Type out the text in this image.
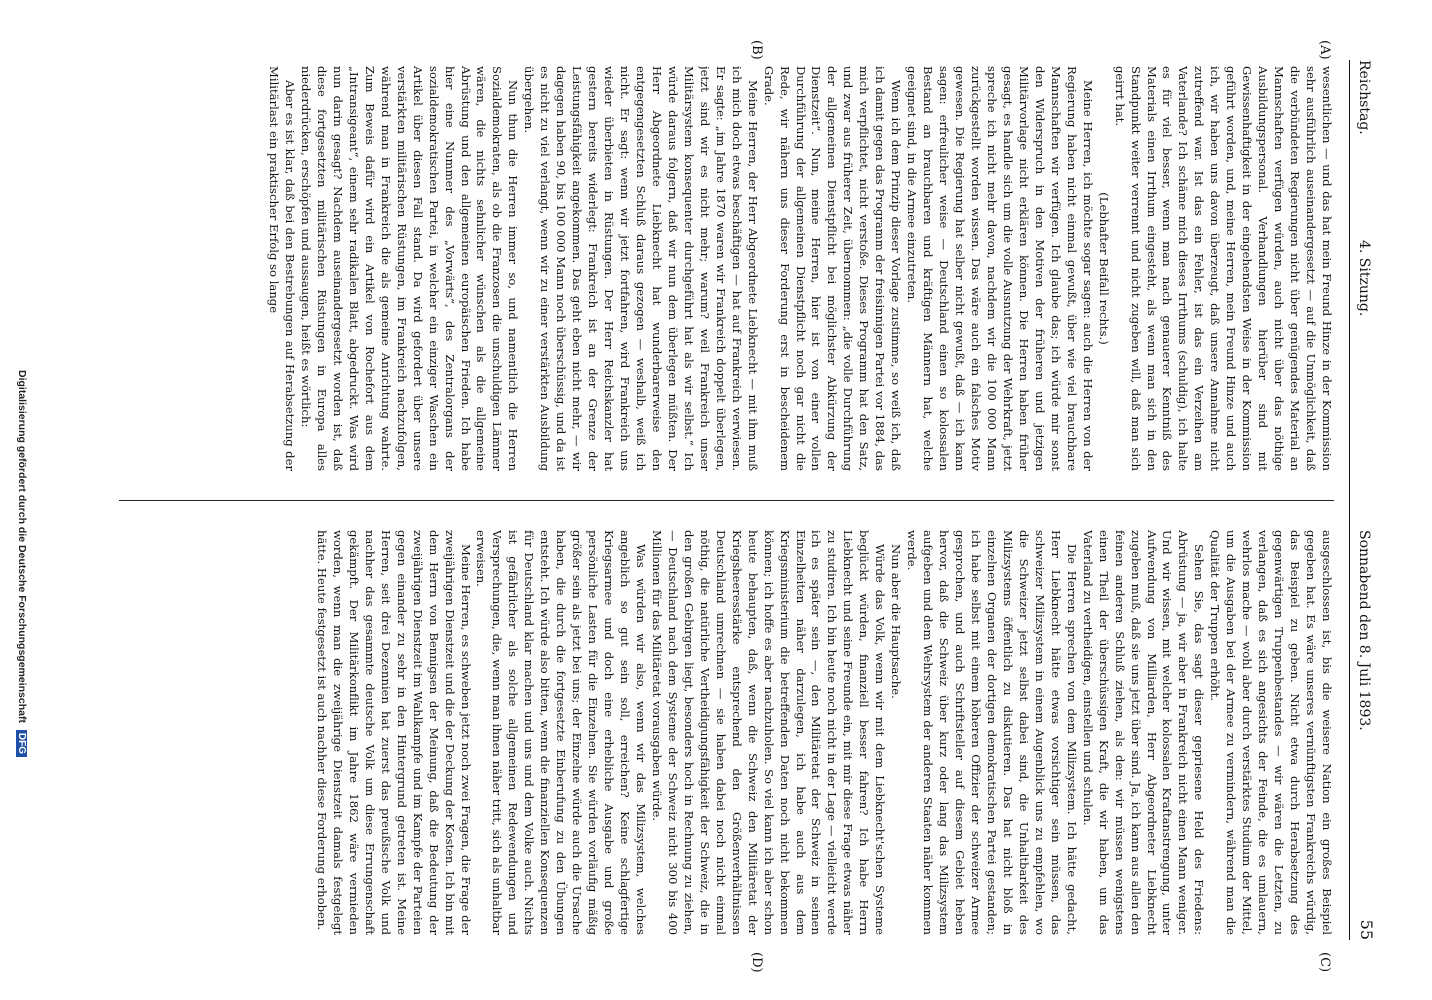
Reichstag.
4. Sitzung.
Sonnabend den 8. Juli 1893.
55
(A)
(B)
(C)
(D)

wesentlichen — und das hat mein Freund Hinze in der Kommission sehr ausführlich auseinandergesetzt — auf die Unmöglichkeit, daß die verbündeten Regierungen nicht über genügendes Material an Mannschaften verfügen würden, auch nicht über das nöthige Ausbildungspersonal. Verhandlungen hierüber sind mit Gewissenhaftigkeit in der eingehendsten Weise in der Kommission geführt worden, und, meine Herren, mein Freund Hinze und auch ich, wir haben uns davon überzeugt, daß unsere Annahme nicht zutreffend war. Ist das ein Fehler, ist das ein Verzeihen am Vaterlande? Ich schäme mich dieses Irrthums (schuldig), ich halte es für viel besser, wenn man nach genauerer Kenntniß des Materials einen Irrthum eingesteht, als wenn man sich in den Standpunkt weiter verrennt und nicht zugeben will, daß man sich geirrt hat.

(Lebhafter Beifall rechts.)

Meine Herren, ich möchte sogar sagen: auch die Herren von der Regierung haben nicht einmal gewußt, über wie viel brauchbare Mannschaften wir verfügen. Ich glaube das; ich würde mir sonst den Widerspruch in den Motiven der früheren und jetzigen Militärvorlage nicht erklären können. Die Herren haben früher gesagt, es handle sich um die volle Ausnutzung der Wehrkraft, jetzt spreche ich nicht mehr davon, nachdem wir die 100 000 Mann zurückgestellt worden wissen. Das wäre auch ein falsches Motiv gewesen. Die Regierung hat selber nicht gewußt, daß — ich kann sagen: erfreulicher weise — Deutschland einen so kolossalen Bestand an brauchbaren und kräftigen Männern hat, welche geeignet sind, in die Armee einzutreten.

Wenn ich dem Prinzip dieser Vorlage zustimme, so weiß ich, daß ich damit gegen das Programm der freisinnigen Partei vor 1884, das mich verpflichtet, nicht verstoße. Dieses Programm hat den Satz, und zwar aus früherer Zeit, übernommen: „die volle Durchführung der allgemeinen Dienstpflicht bei möglichster Abkürzung der Dienstzeit“. Nun, meine Herren, hier ist von einer vollen Durchführung der allgemeinen Dienstpflicht noch gar nicht die Rede, wir nähern uns dieser Forderung erst in bescheidenem Grade.

Meine Herren, der Herr Abgeordnete Liebknecht — mit ihm muß ich mich doch etwas beschäftigen — hat auf Frankreich verwiesen. Er sagte: „im Jahre 1870 waren wir Frankreich doppelt überlegen, jetzt sind wir es nicht mehr; warum? weil Frankreich unser Militärsystem konsequenter durchgeführt hat als wir selbst.“ Ich würde daraus folgern, daß wir nun dem überlegen müßten. Der Herr Abgeordnete Liebknecht hat wunderbarerweise den entgegengesetzten Schluß daraus gezogen — weshalb, weiß ich nicht. Er sagt: wenn wir jetzt fortfahren, wird Frankreich uns wieder überbieten in Rüstungen. Der Herr Reichskanzler hat gestern bereits widerlegt: Frankreich ist an der Grenze der Leistungsfähigkeit angekommen. Das geht eben nicht mehr, — wir dagegen haben 90, bis 100 000 Mann noch überschüssig, und da ist es nicht zu viel verlangt, wenn wir zu einer verstärkten Ausbildung übergehen.

Nun thun die Herren immer so, und namentlich die Herren Sozialdemokraten, als ob die Franzosen die unschuldigen Lämmer wären, die nichts sehnlicher wünschen als die allgemeine Abrüstung und den allgemeinen europäischen Frieden. Ich habe hier eine Nummer des „Vorwärts“, des Zentralorgans der sozialdemokratischen Partei, in welcher ein einziger Waschen ein Artikel über diesen Fall stand. Da wird gefordert über unsere verstärkten militärischen Rüstungen, im Frankreich nachzufolgen, während man in Frankreich die als gemeine Anrichtung wahrte. Zum Beweis dafür wird ein Artikel von Rochefort aus dem „Intransigeant“, einem sehr radikalen Blatt, abgedruckt. Was wird nun darin gesagt? Nachdem auseinandergesetzt worden ist, daß diese fortgesetzten militärischen Rüstungen in Europa alles niederdrücken, erschöpfen und aussaugen, heißt es wörtlich:

Aber es ist klar, daß bei den Bestrebungen auf Herabsetzung der Militärlast ein praktischer Erfolg so lange

ausgeschlossen ist, bis die weisere Nation ein großes Beispiel gegeben hat. Es wäre unseres vernünftigsten Frankreichs würdig, das Beispiel zu geben. Nicht etwa durch Herabsetzung des gegenwärtigen Truppenbestandes — wir wären die Letzten, zu verlangen, daß es sich angesichts der Feinde, die es umlauern, wehrlos mache — wohl aber durch verstärktes Studium der Mittel, um die Ausgaben bei der Armee zu vermindern, während man die Qualität der Truppen erhöht.

Sehen Sie, das sagt dieser gepriesene Held des Friedens: Abrüstung — ja, wir aber in Frankreich nicht einen Mann weniger. Und wir wissen, mit welcher kolossalen Kraftanstrengung, unter Aufwendung von Milliarden, Herr Abgeordneter Liebknecht zugeben muß, daß sie uns jetzt über sind. Ja, ich kann aus allen den feinen anderen Schluß ziehen, als den: wir müssen wenigstens einen Theil der überschüssigen Kraft, die wir haben, um das Vaterland zu vertheidigen, einstellen und schulen.

Die Herren sprechen von dem Milizsystem. Ich hätte gedacht, Herr Liebknecht hätte etwas vorsichtiger sein müssen, das schweizer Milizsystem in einem Augenblick uns zu empfehlen, wo die Schweizer jetzt selbst dabei sind, die Unhaltbarkeit des Milizsystems öffentlich zu diskutieren. Das hat nicht bloß in einzelnen Organen der dortigen demokratischen Partei gestanden; ich habe selbst mit einem höheren Offizier der schweizer Armee gesprochen, und auch Schriftsteller auf diesem Gebiet heben hervor, daß die Schweiz über kurz oder lang das Milizsystem aufgeben und dem Wehrsystem der anderen Staaten näher kommen werde.

Nun aber die Hauptsache.

Würde das Volk, wenn wir mit dem Liebknecht'schen Systeme beglückt würden, finanziell besser fahren? Ich habe Herrn Liebknecht und seine Freunde ein, mit mir diese Frage etwas näher zu studiren. Ich bin heute noch nicht in der Lage — vielleicht werde ich es später sein —, den Militäretat der Schweiz in seinen Einzelheiten näher darzulegen, ich habe auch aus dem Kriegsministerium die betreffenden Daten noch nicht bekommen können; ich hoffe es aber nachzuholen. So viel kann ich aber schon heute behaupten, daß, wenn die Schweiz den Militäretat der Kriegsheeresstärke entsprechend den Größenverhältnissen Deutschland umrechnen — sie haben dabei noch nicht einmal nöthig, die natürliche Vertheidigungsfähigkeit der Schweiz, die in den großen Gebirgen liegt, besonders hoch in Rechnung zu ziehen, — Deutschland nach dem Systeme der Schweiz nicht 300 bis 400 Millionen für das Militäretat vorausgaben würde.

Was würden wir also, wenn wir das Milizsystem, welches angeblich so gut sein soll, erreichen? Keine schlagfertige Kriegsarmee und doch eine erhebliche Ausgabe und große persönliche Lasten für die Einzelnen. Sie würden vorläufig mäßig größer sein als jetzt bei uns; der Einzelne würde auch die Ursache haben, die durch die fortgesetzte Einberufung zu den Übungen entsteht. Ich würde also bitten, wenn die finanziellen Konsequenzen für Deutschland klar machen und uns und dem Volke auch. Nichts ist gefährlicher als solche allgemeinen Redewendungen und Versprechungen, die, wenn man ihnen näher tritt, sich als unhaltbar erweisen.

Meine Herren, es schweben jetzt noch zwei Fragen, die Frage der zweijährigen Dienstzeit und die der Deckung der Kosten. Ich bin mit dem Herrn von Bennigsen der Meinung, daß die Bedeutung der zweijährigen Dienstzeit im Wahlkampfe und im Kampfe der Parteien gegen einander zu sehr in den Hintergrund getreten ist. Meine Herren, seit drei Dezennien hat zuerst das preußische Volk und nachher das gesammte deutsche Volk um diese Errungenschaft gekämpft. Der Militärkonflikt im Jahre 1862 wäre vermieden worden, wenn man die zweijährige Dienstzeit damals festgelegt hätte. Heute festgesetzt ist auch nachher diese Forderung erhoben.

Digitalisierung gefördert durch die Deutsche Forschungsgemeinschaft DFG
